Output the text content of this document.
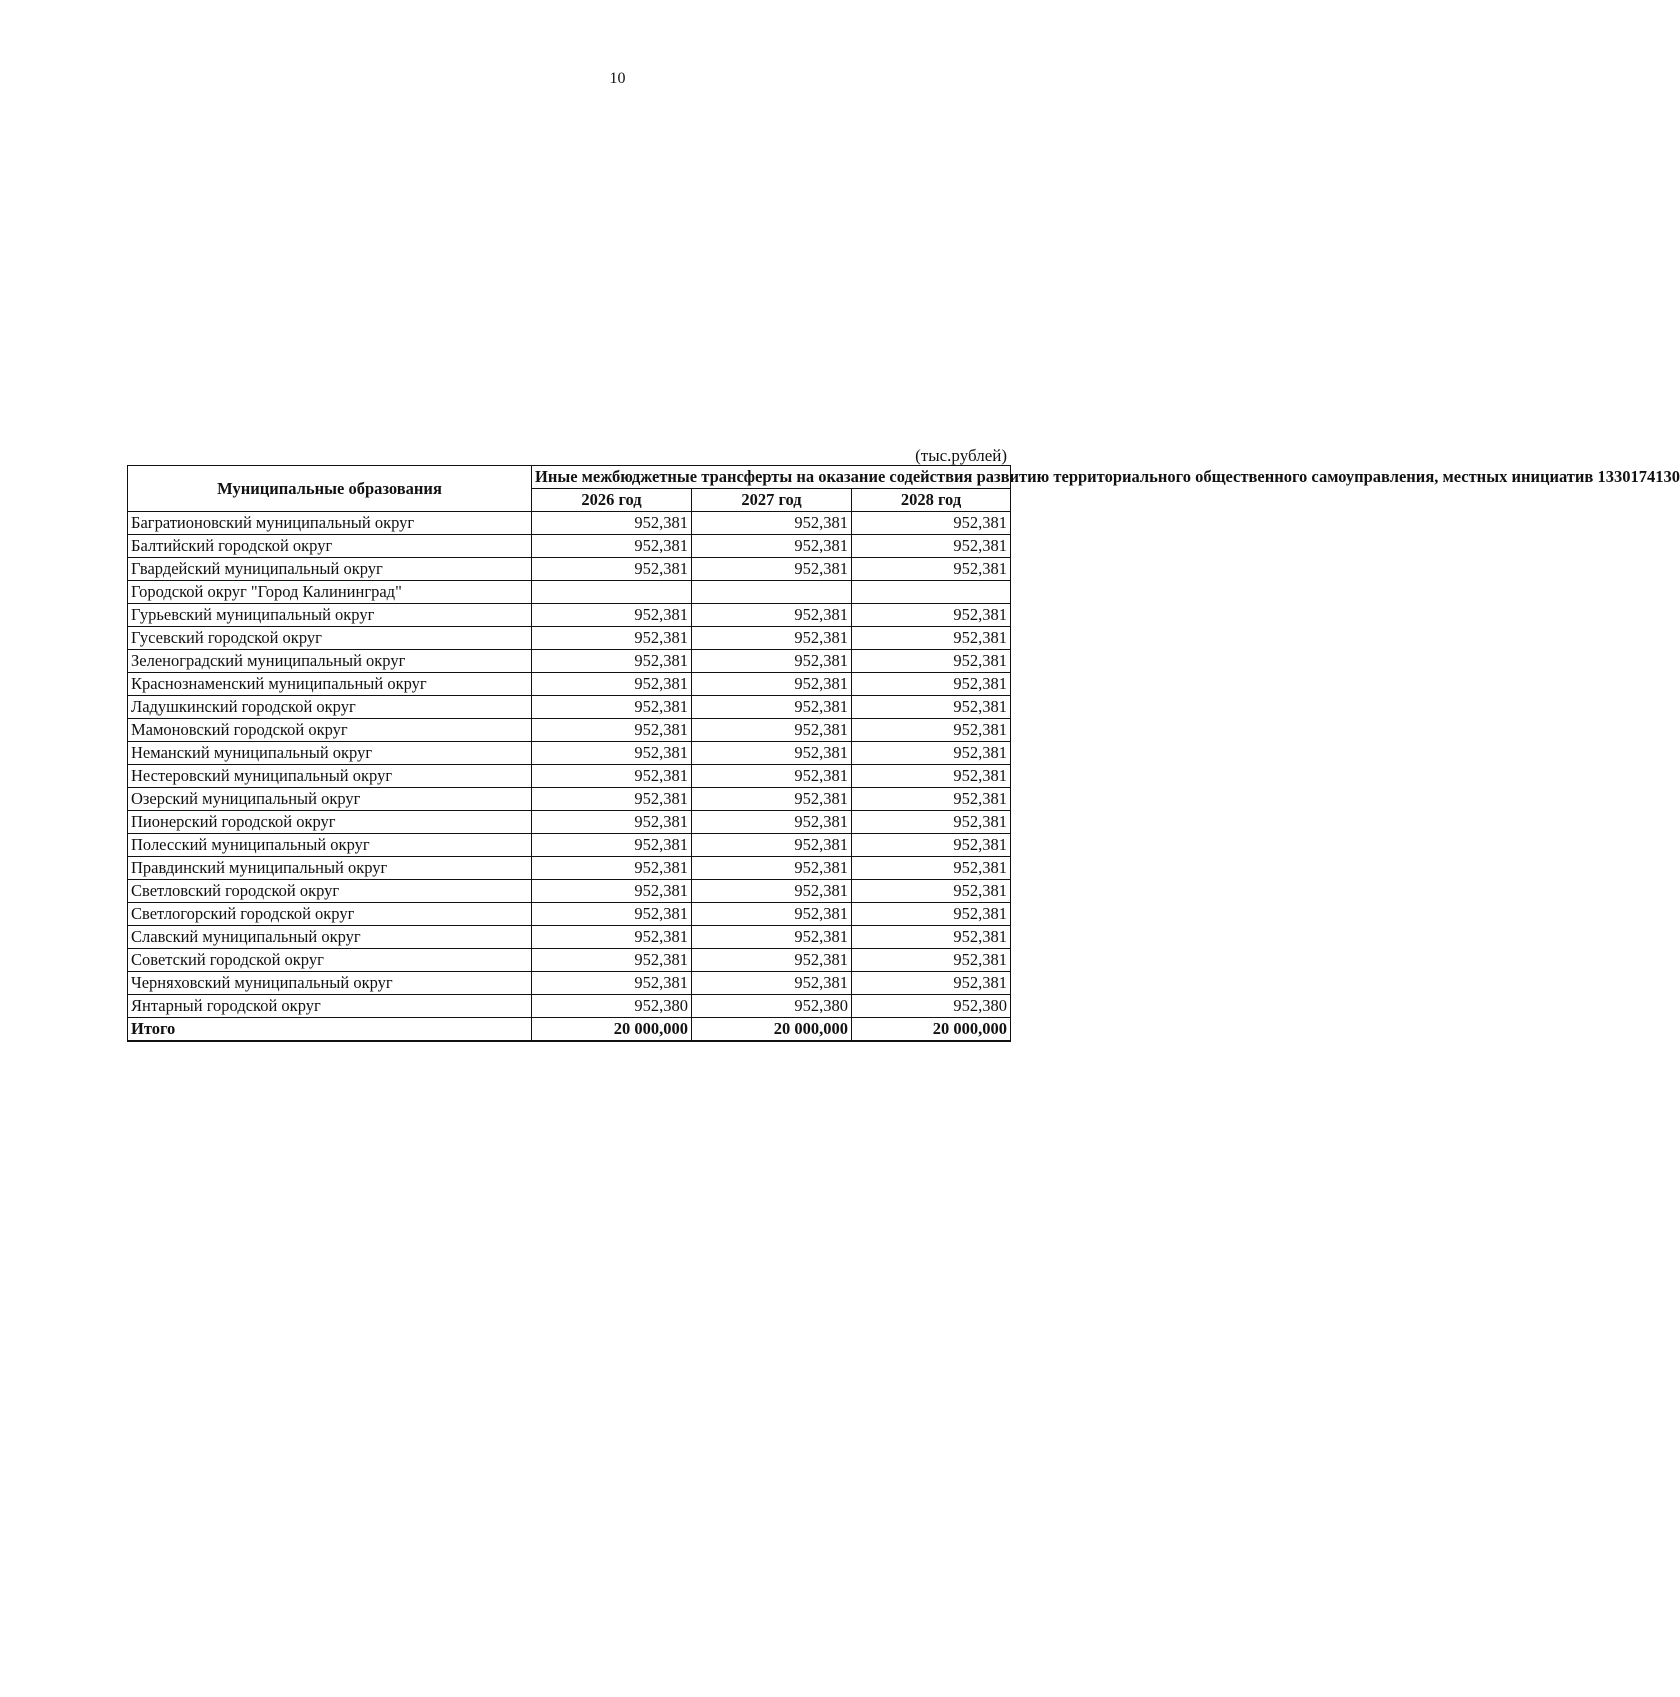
10
(тыс.рублей)
Муниципальные образования	Иные межбюджетные трансферты на оказание содействия развитию территориального общественного самоуправления, местных инициатив 1330174130		
	2026 год	2027 год	2028 год
Багратионовский муниципальный округ	952,381	952,381	952,381
Балтийский городской округ	952,381	952,381	952,381
Гвардейский муниципальный округ	952,381	952,381	952,381
Городской округ "Город Калининград"			
Гурьевский муниципальный округ	952,381	952,381	952,381
Гусевский городской округ	952,381	952,381	952,381
Зеленоградский муниципальный округ	952,381	952,381	952,381
Краснознаменский муниципальный округ	952,381	952,381	952,381
Ладушкинский городской округ	952,381	952,381	952,381
Мамоновский городской округ	952,381	952,381	952,381
Неманский муниципальный округ	952,381	952,381	952,381
Нестеровский муниципальный округ	952,381	952,381	952,381
Озерский муниципальный округ	952,381	952,381	952,381
Пионерский городской округ	952,381	952,381	952,381
Полесский муниципальный округ	952,381	952,381	952,381
Правдинский муниципальный округ	952,381	952,381	952,381
Светловский городской округ	952,381	952,381	952,381
Светлогорский городской округ	952,381	952,381	952,381
Славский муниципальный округ	952,381	952,381	952,381
Советский городской округ	952,381	952,381	952,381
Черняховский муниципальный округ	952,381	952,381	952,381
Янтарный городской округ	952,380	952,380	952,380
Итого	20 000,000	20 000,000	20 000,000
